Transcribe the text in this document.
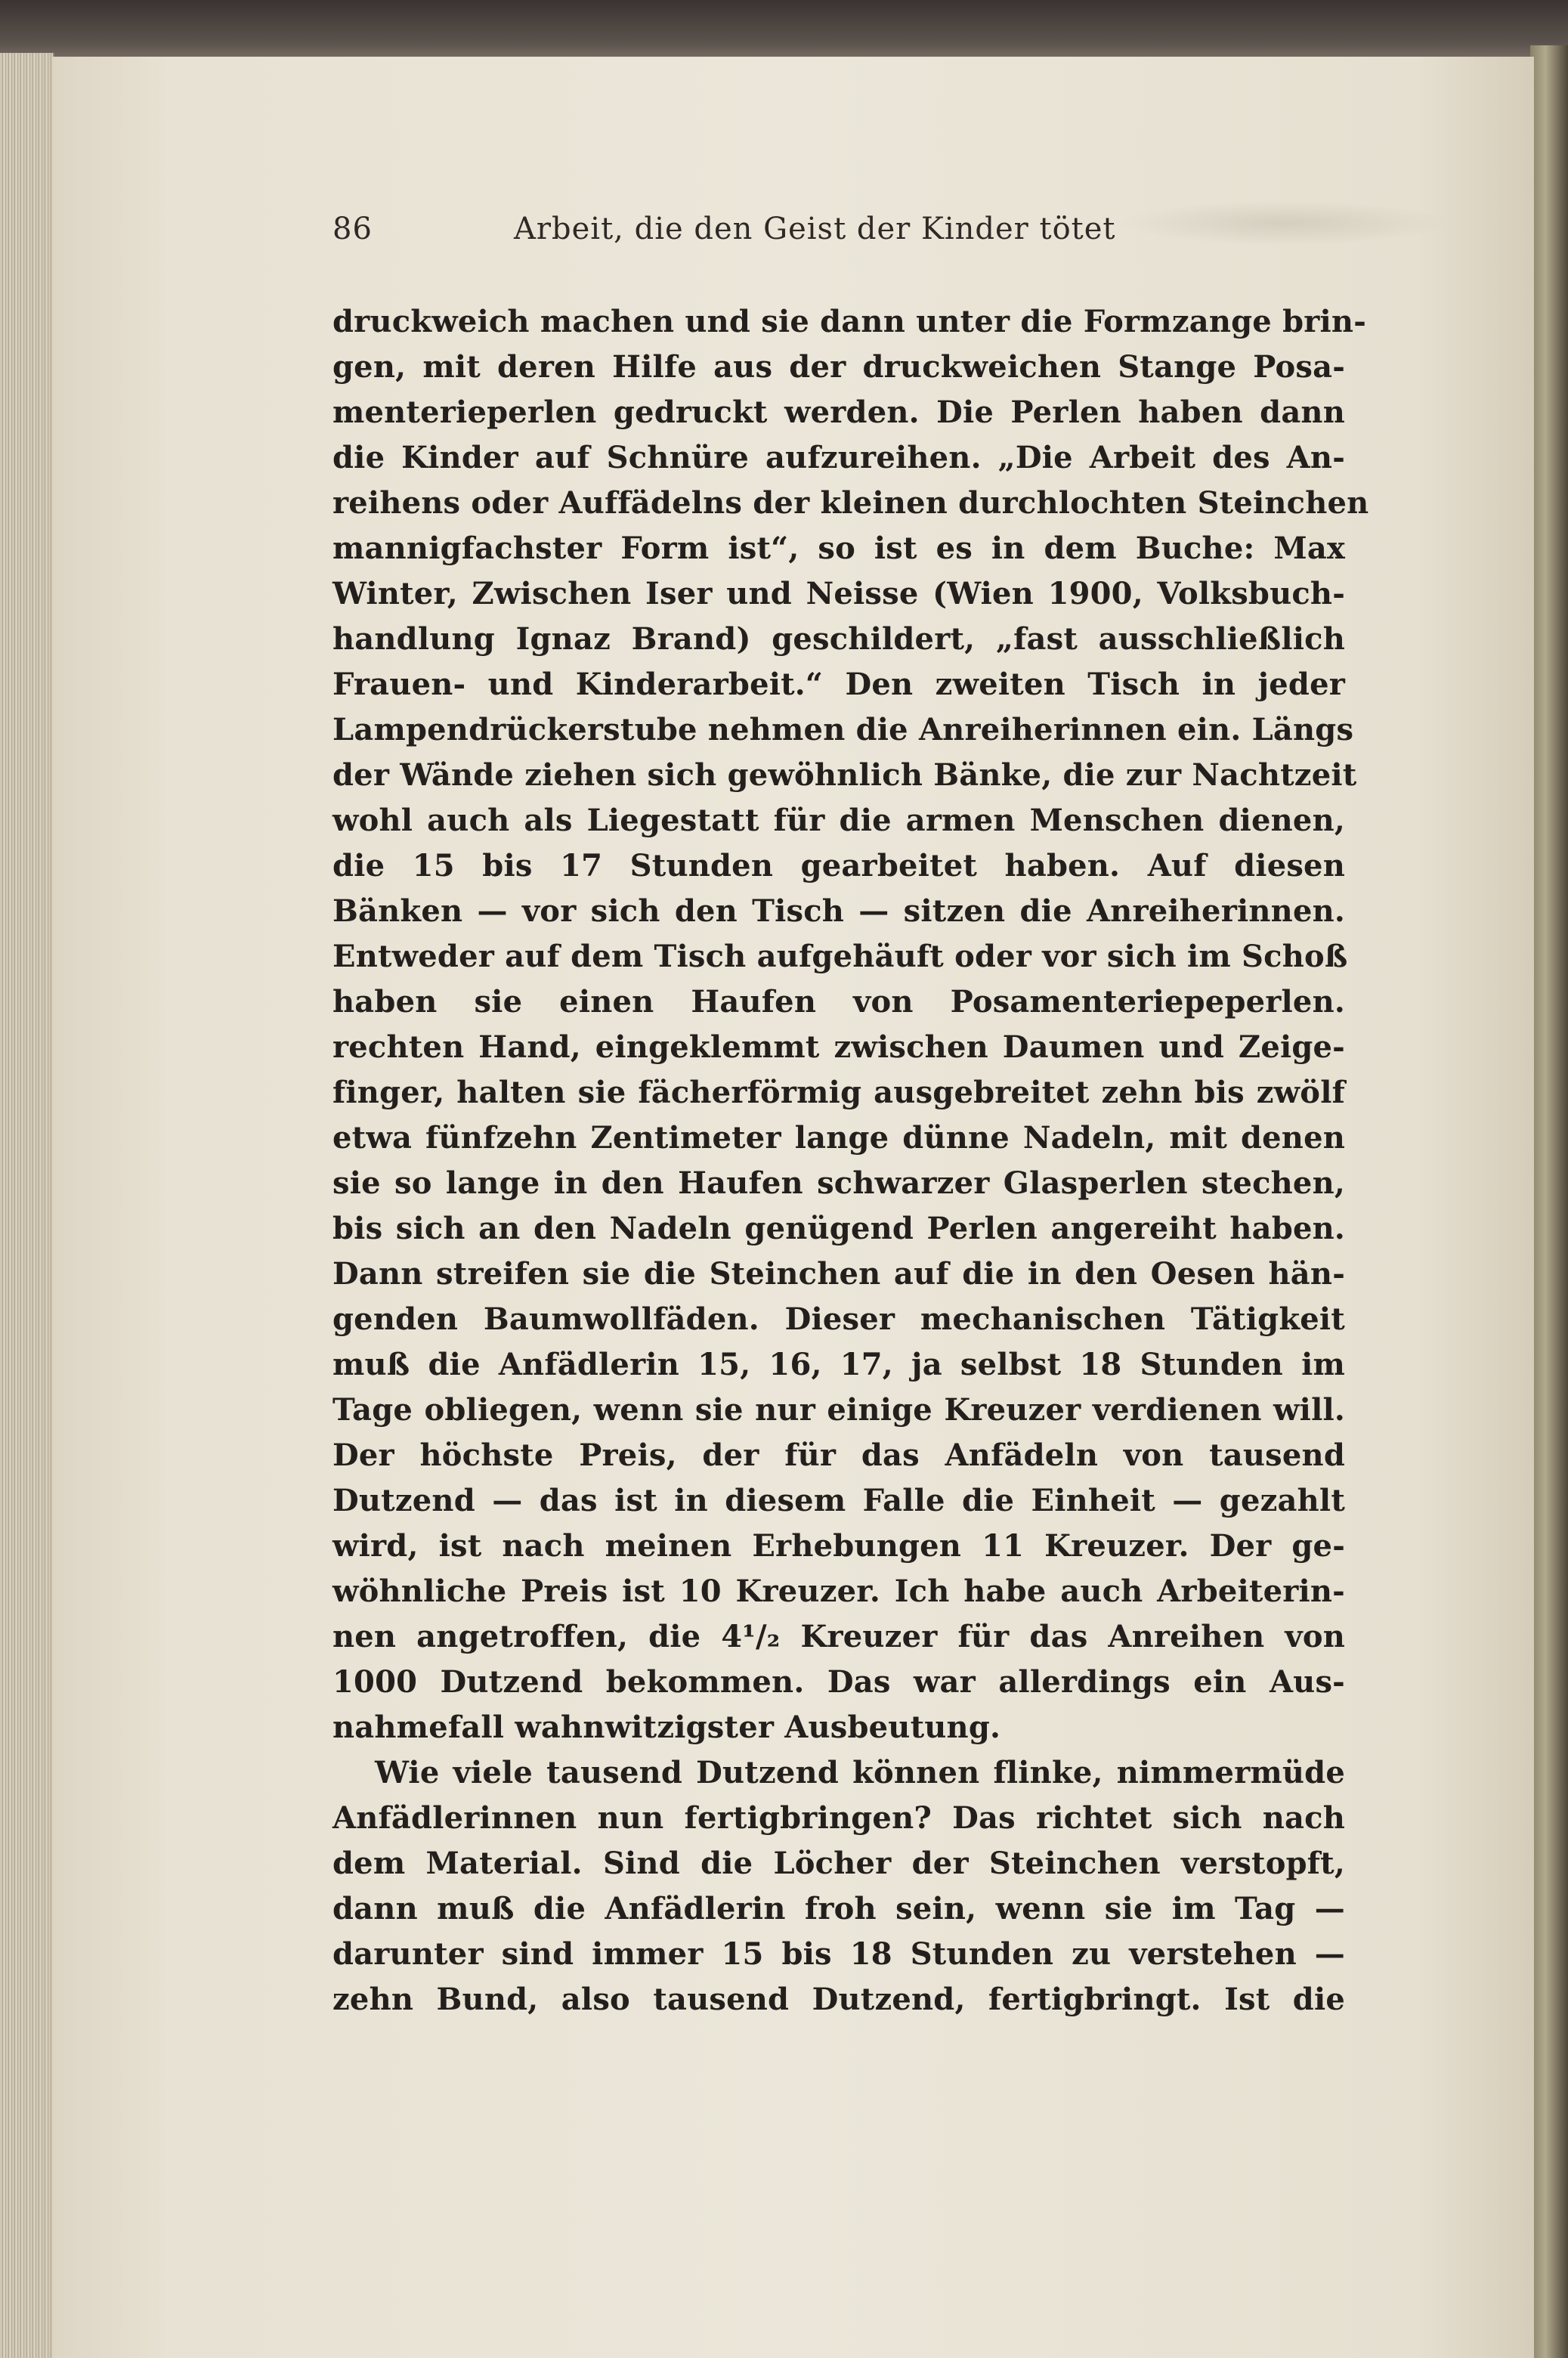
86	Arbeit, die den Geist der Kinder tötet
druckweich machen und sie dann unter die Formzange brin-
gen, mit deren Hilfe aus der druckweichen Stange Posa-
menterieperlen gedruckt werden. Die Perlen haben dann
die Kinder auf Schnüre aufzureihen. „Die Arbeit des An-
reihens oder Auffädelns der kleinen durchlochten Steinchen
mannigfachster Form ist“, so ist es in dem Buche: Max
Winter, Zwischen Iser und Neisse (Wien 1900, Volksbuch-
handlung Ignaz Brand) geschildert, „fast ausschließlich
Frauen- und Kinderarbeit.“ Den zweiten Tisch in jeder
Lampendrückerstube nehmen die Anreiherinnen ein. Längs
der Wände ziehen sich gewöhnlich Bänke, die zur Nachtzeit
wohl auch als Liegestatt für die armen Menschen dienen,
die 15 bis 17 Stunden gearbeitet haben. Auf diesen
Bänken — vor sich den Tisch — sitzen die Anreiherinnen.
Entweder auf dem Tisch aufgehäuft oder vor sich im Schoß
haben sie einen Haufen von Posamenteriepeperlen.
rechten Hand, eingeklemmt zwischen Daumen und Zeige-
finger, halten sie fächerförmig ausgebreitet zehn bis zwölf
etwa fünfzehn Zentimeter lange dünne Nadeln, mit denen
sie so lange in den Haufen schwarzer Glasperlen stechen,
bis sich an den Nadeln genügend Perlen angereiht haben.
Dann streifen sie die Steinchen auf die in den Oesen hän-
genden Baumwollfäden. Dieser mechanischen Tätigkeit
muß die Anfädlerin 15, 16, 17, ja selbst 18 Stunden im
Tage obliegen, wenn sie nur einige Kreuzer verdienen will.
Der höchste Preis, der für das Anfädeln von tausend
Dutzend — das ist in diesem Falle die Einheit — gezahlt
wird, ist nach meinen Erhebungen 11 Kreuzer. Der ge-
wöhnliche Preis ist 10 Kreuzer. Ich habe auch Arbeiterin-
nen angetroffen, die 4¹/₂ Kreuzer für das Anreihen von
1000 Dutzend bekommen. Das war allerdings ein Aus-
nahmefall wahnwitzigster Ausbeutung.
Wie viele tausend Dutzend können flinke, nimmermüde
Anfädlerinnen nun fertigbringen? Das richtet sich nach
dem Material. Sind die Löcher der Steinchen verstopft,
dann muß die Anfädlerin froh sein, wenn sie im Tag —
darunter sind immer 15 bis 18 Stunden zu verstehen —
zehn Bund, also tausend Dutzend, fertigbringt. Ist die
